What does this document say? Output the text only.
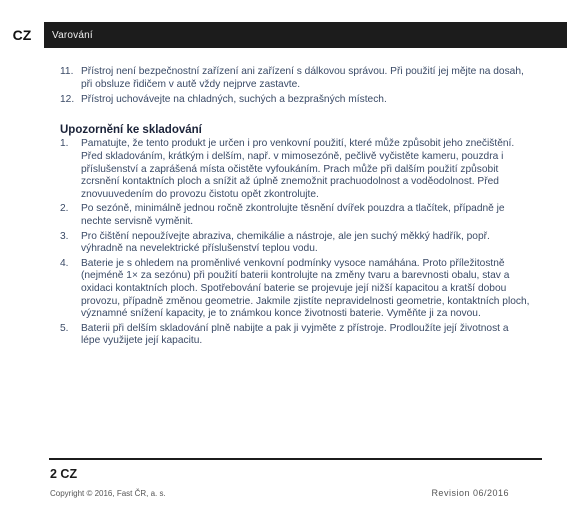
CZ Varování
11. Přístroj není bezpečnostní zařízení ani zařízení s dálkovou správou. Při použití jej mějte na dosah, při obsluze řidičem v autě vždy nejprve zastavte.
12. Přístroj uchovávejte na chladných, suchých a bezprašných místech.
Upozornění ke skladování
1.	Pamatujte, že tento produkt je určen i pro venkovní použití, které může způsobit jeho znečištění. Před skladováním, krátkým i delším, např. v mimosezóně, pečlivě vyčistěte kameru, pouzdra i příslušenství a zaprášená místa očistěte vyfoukáním. Prach může při dalším použití způsobit zcrsnění kontaktních ploch a snížit až úplně znemožnit prachuodolnost a voděodolnost. Před znovuuvedením do provozu čistotu opět zkontrolujte.
2.	Po sezóně, minimálně jednou ročně zkontrolujte těsnění dvířek pouzdra a tlačítek, případně je nechte servisně vyměnit.
3.	Pro čištění nepoužívejte abraziva, chemikálie a nástroje, ale jen suchý měkký hadřík, popř. výhradně na nevelektrické příslušenství teplou vodu.
4.	Baterie je s ohledem na proměnlivé venkovní podmínky vysoce namáhána. Proto příležitostně (nejméně 1× za sezónu) při použití baterii kontrolujte na změny tvaru a barevnosti obalu, stav a oxidaci kontaktních ploch. Spotřebování baterie se projevuje její nižší kapacitou a kratší dobou provozu, případně změnou geometrie. Jakmile zjistíte nepravidelnosti geometrie, kontaktních ploch, významné snížení kapacity, je to známkou konce životnosti baterie. Vyměňte ji za novou.
5.	Baterii při delším skladování plně nabijte a pak ji vyjměte z přístroje. Prodloužíte její životnost a lépe využijete její kapacitu.
2 CZ
Copyright © 2016, Fast ČR, a. s.	Revision 06/2016
